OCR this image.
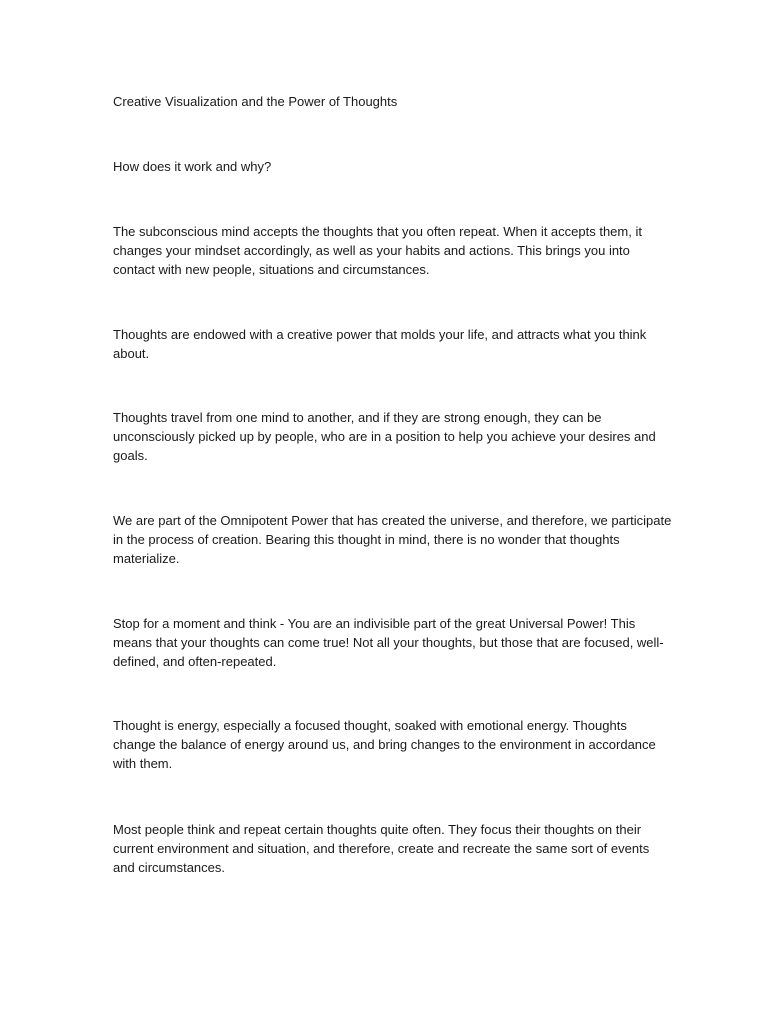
Creative Visualization and the Power of Thoughts

How does it work and why?

The subconscious mind accepts the thoughts that you often repeat. When it accepts them, it changes your mindset accordingly, as well as your habits and actions. This brings you into contact with new people, situations and circumstances.

Thoughts are endowed with a creative power that molds your life, and attracts what you think about.

Thoughts travel from one mind to another, and if they are strong enough, they can be unconsciously picked up by people, who are in a position to help you achieve your desires and goals.

We are part of the Omnipotent Power that has created the universe, and therefore, we participate in the process of creation. Bearing this thought in mind, there is no wonder that thoughts materialize.

Stop for a moment and think - You are an indivisible part of the great Universal Power! This means that your thoughts can come true! Not all your thoughts, but those that are focused, well-defined, and often-repeated.

Thought is energy, especially a focused thought, soaked with emotional energy. Thoughts change the balance of energy around us, and bring changes to the environment in accordance with them.

Most people think and repeat certain thoughts quite often. They focus their thoughts on their current environment and situation, and therefore, create and recreate the same sort of events and circumstances.
